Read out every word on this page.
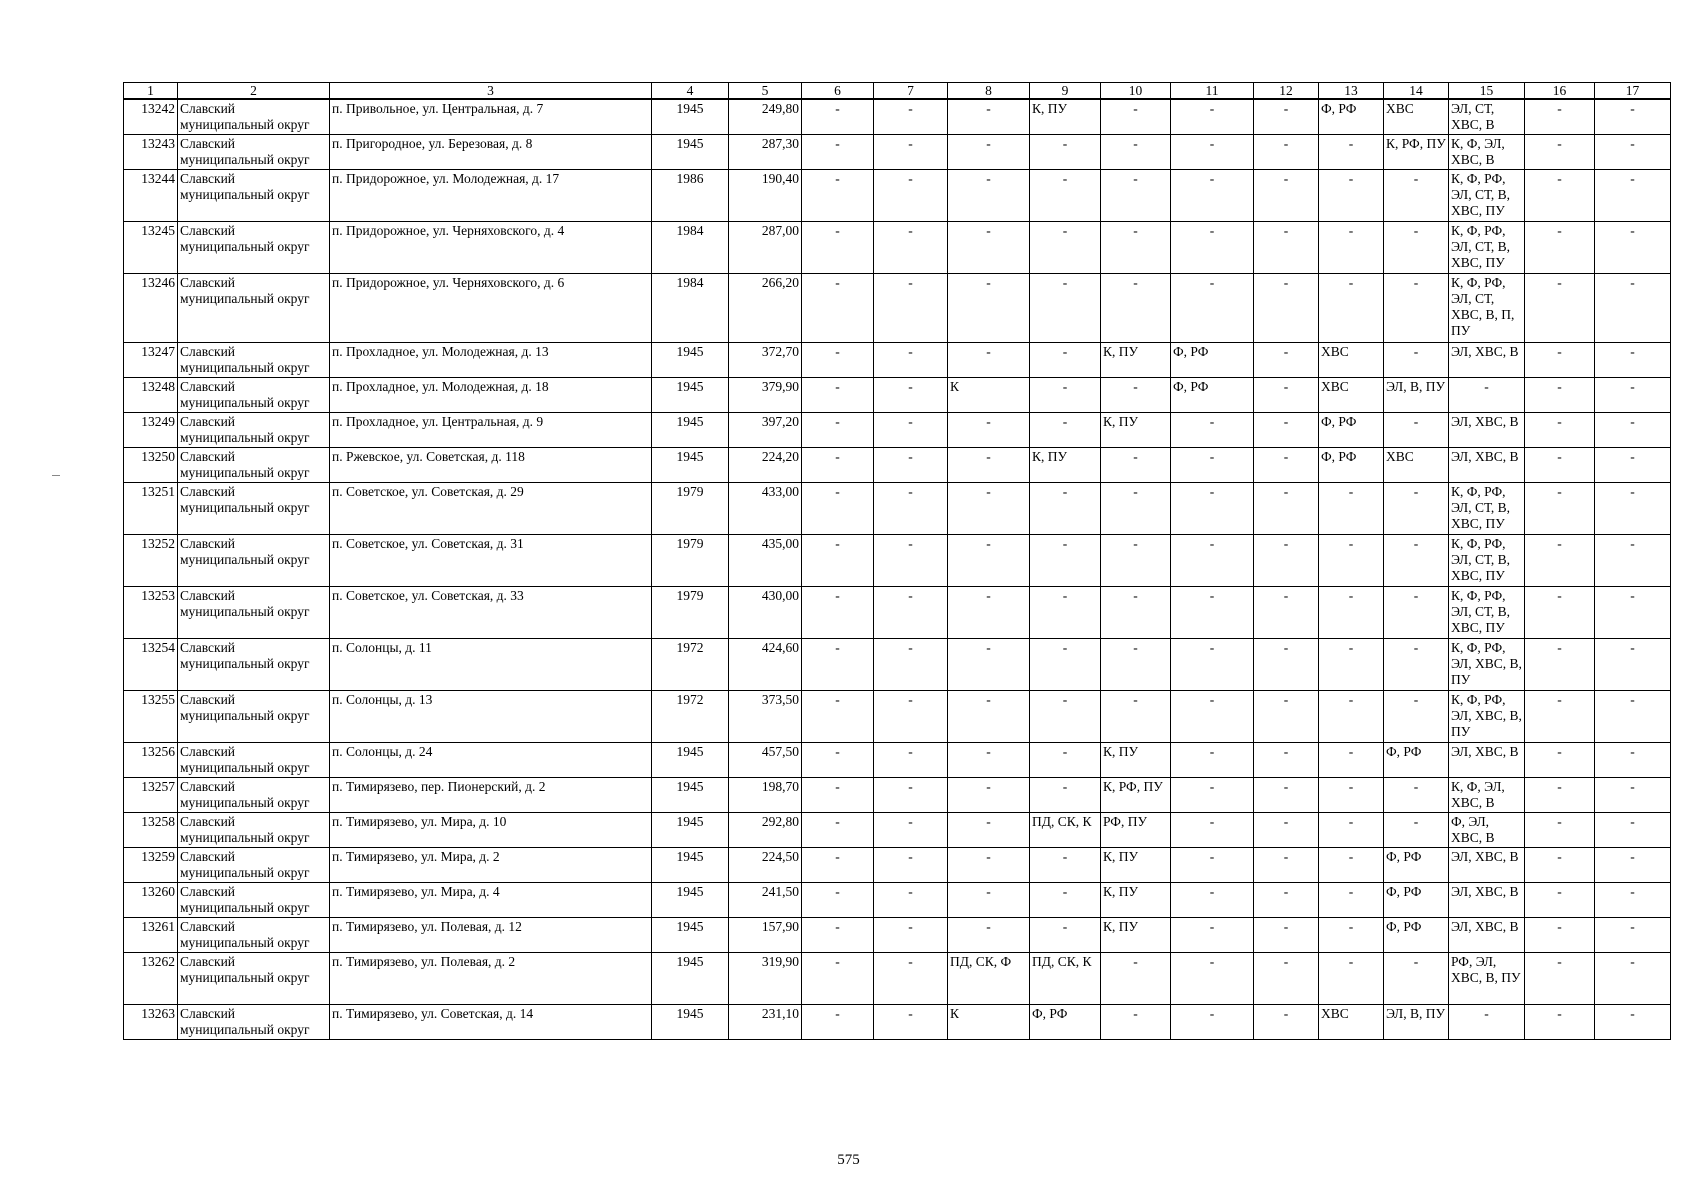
1	2	3	4	5	6	7	8	9	10	11	12	13	14	15	16	17
13242	Славский муниципальный округ	п. Привольное, ул. Центральная, д. 7	1945	249,80	-	-	-	К, ПУ	-	-	-	Ф, РФ	ХВС	ЭЛ, СТ, ХВС, В	-	-
13243	Славский муниципальный округ	п. Пригородное, ул. Березовая, д. 8	1945	287,30	-	-	-	-	-	-	-	-	К, РФ, ПУ	К, Ф, ЭЛ, ХВС, В	-	-
13244	Славский муниципальный округ	п. Придорожное, ул. Молодежная, д. 17	1986	190,40	-	-	-	-	-	-	-	-	-	К, Ф, РФ, ЭЛ, СТ, В, ХВС, ПУ	-	-
13245	Славский муниципальный округ	п. Придорожное, ул. Черняховского, д. 4	1984	287,00	-	-	-	-	-	-	-	-	-	К, Ф, РФ, ЭЛ, СТ, В, ХВС, ПУ	-	-
13246	Славский муниципальный округ	п. Придорожное, ул. Черняховского, д. 6	1984	266,20	-	-	-	-	-	-	-	-	-	К, Ф, РФ, ЭЛ, СТ, ХВС, В, П, ПУ	-	-
13247	Славский муниципальный округ	п. Прохладное, ул. Молодежная, д. 13	1945	372,70	-	-	-	-	К, ПУ	Ф, РФ	-	ХВС	-	ЭЛ, ХВС, В	-	-
13248	Славский муниципальный округ	п. Прохладное, ул. Молодежная, д. 18	1945	379,90	-	-	К	-	-	Ф, РФ	-	ХВС	ЭЛ, В, ПУ	-	-	-
13249	Славский муниципальный округ	п. Прохладное, ул. Центральная, д. 9	1945	397,20	-	-	-	-	К, ПУ	-	-	Ф, РФ	-	ЭЛ, ХВС, В	-	-
13250	Славский муниципальный округ	п. Ржевское, ул. Советская, д. 118	1945	224,20	-	-	-	К, ПУ	-	-	-	Ф, РФ	ХВС	ЭЛ, ХВС, В	-	-
13251	Славский муниципальный округ	п. Советское, ул. Советская, д. 29	1979	433,00	-	-	-	-	-	-	-	-	-	К, Ф, РФ, ЭЛ, СТ, В, ХВС, ПУ	-	-
13252	Славский муниципальный округ	п. Советское, ул. Советская, д. 31	1979	435,00	-	-	-	-	-	-	-	-	-	К, Ф, РФ, ЭЛ, СТ, В, ХВС, ПУ	-	-
13253	Славский муниципальный округ	п. Советское, ул. Советская, д. 33	1979	430,00	-	-	-	-	-	-	-	-	-	К, Ф, РФ, ЭЛ, СТ, В, ХВС, ПУ	-	-
13254	Славский муниципальный округ	п. Солонцы, д. 11	1972	424,60	-	-	-	-	-	-	-	-	-	К, Ф, РФ, ЭЛ, ХВС, В, ПУ	-	-
13255	Славский муниципальный округ	п. Солонцы, д. 13	1972	373,50	-	-	-	-	-	-	-	-	-	К, Ф, РФ, ЭЛ, ХВС, В, ПУ	-	-
13256	Славский муниципальный округ	п. Солонцы, д. 24	1945	457,50	-	-	-	-	К, ПУ	-	-	-	Ф, РФ	ЭЛ, ХВС, В	-	-
13257	Славский муниципальный округ	п. Тимирязево, пер. Пионерский, д. 2	1945	198,70	-	-	-	-	К, РФ, ПУ	-	-	-	-	К, Ф, ЭЛ, ХВС, В	-	-
13258	Славский муниципальный округ	п. Тимирязево, ул. Мира, д. 10	1945	292,80	-	-	-	ПД, СК, К	РФ, ПУ	-	-	-	-	Ф, ЭЛ, ХВС, В	-	-
13259	Славский муниципальный округ	п. Тимирязево, ул. Мира, д. 2	1945	224,50	-	-	-	-	К, ПУ	-	-	-	Ф, РФ	ЭЛ, ХВС, В	-	-
13260	Славский муниципальный округ	п. Тимирязево, ул. Мира, д. 4	1945	241,50	-	-	-	-	К, ПУ	-	-	-	Ф, РФ	ЭЛ, ХВС, В	-	-
13261	Славский муниципальный округ	п. Тимирязево, ул. Полевая, д. 12	1945	157,90	-	-	-	-	К, ПУ	-	-	-	Ф, РФ	ЭЛ, ХВС, В	-	-
13262	Славский муниципальный округ	п. Тимирязево, ул. Полевая, д. 2	1945	319,90	-	-	ПД, СК, Ф	ПД, СК, К	-	-	-	-	-	РФ, ЭЛ, ХВС, В, ПУ	-	-
13263	Славский муниципальный округ	п. Тимирязево, ул. Советская, д. 14	1945	231,10	-	-	К	Ф, РФ	-	-	-	ХВС	ЭЛ, В, ПУ	-	-	-
575
